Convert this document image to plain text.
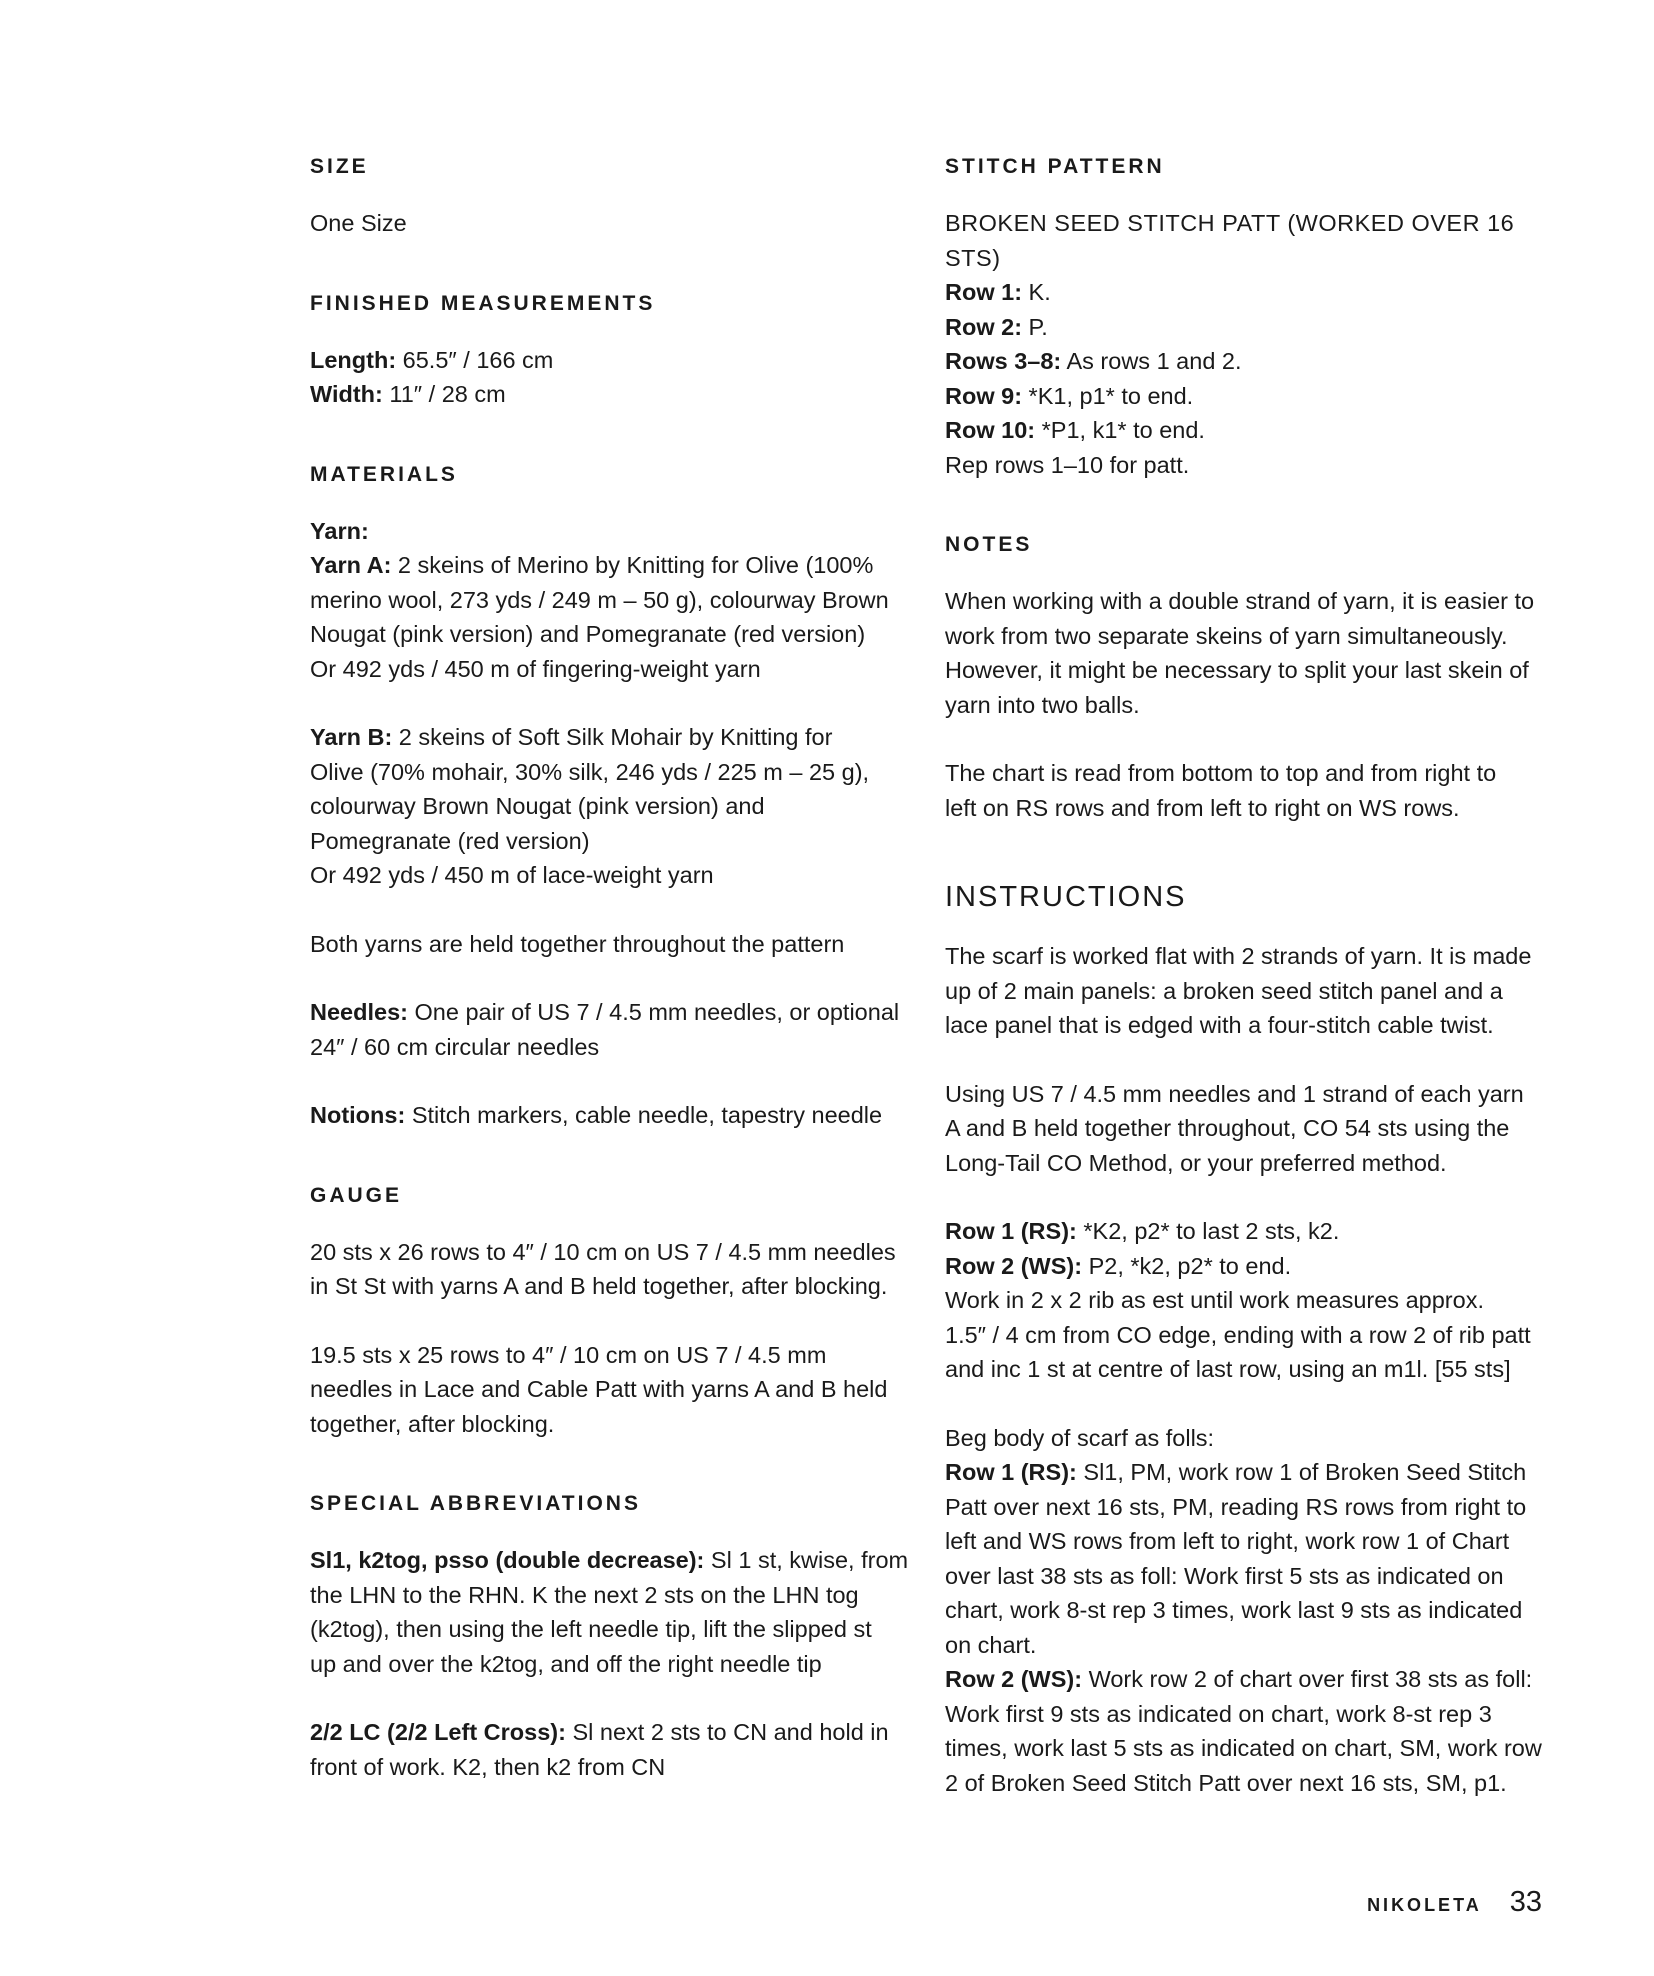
SIZE

One Size

FINISHED MEASUREMENTS

Length: 65.5″ / 166 cm

Width: 11″ / 28 cm

MATERIALS

Yarn:

Yarn A: 2 skeins of Merino by Knitting for Olive (100%
merino wool, 273 yds / 249 m – 50 g), colourway Brown
Nougat (pink version) and Pomegranate (red version)
Or 492 yds / 450 m of fingering-weight yarn

Yarn B: 2 skeins of Soft Silk Mohair by Knitting for
Olive (70% mohair, 30% silk, 246 yds / 225 m – 25 g),
colourway Brown Nougat (pink version) and
Pomegranate (red version)
Or 492 yds / 450 m of lace-weight yarn

Both yarns are held together throughout the pattern

Needles: One pair of US 7 / 4.5 mm needles, or optional
24″ / 60 cm circular needles

Notions: Stitch markers, cable needle, tapestry needle

GAUGE

20 sts x 26 rows to 4″ / 10 cm on US 7 / 4.5 mm needles
in St St with yarns A and B held together, after blocking.

19.5 sts x 25 rows to 4″ / 10 cm on US 7 / 4.5 mm
needles in Lace and Cable Patt with yarns A and B held
together, after blocking.

SPECIAL ABBREVIATIONS

Sl1, k2tog, psso (double decrease): Sl 1 st, kwise, from
the LHN to the RHN. K the next 2 sts on the LHN tog
(k2tog), then using the left needle tip, lift the slipped st
up and over the k2tog, and off the right needle tip

2/2 LC (2/2 Left Cross): Sl next 2 sts to CN and hold in
front of work. K2, then k2 from CN

STITCH PATTERN

BROKEN SEED STITCH PATT (WORKED OVER 16 STS)

Row 1: K.

Row 2: P.

Rows 3–8: As rows 1 and 2.

Row 9: *K1, p1* to end.

Row 10: *P1, k1* to end.

Rep rows 1–10 for patt.

NOTES

When working with a double strand of yarn, it is easier to
work from two separate skeins of yarn simultaneously.
However, it might be necessary to split your last skein of
yarn into two balls.

The chart is read from bottom to top and from right to
left on RS rows and from left to right on WS rows.

INSTRUCTIONS

The scarf is worked flat with 2 strands of yarn. It is made
up of 2 main panels: a broken seed stitch panel and a
lace panel that is edged with a four-stitch cable twist.

Using US 7 / 4.5 mm needles and 1 strand of each yarn
A and B held together throughout, CO 54 sts using the
Long-Tail CO Method, or your preferred method.

Row 1 (RS): *K2, p2* to last 2 sts, k2.

Row 2 (WS): P2, *k2, p2* to end.

Work in 2 x 2 rib as est until work measures approx.
1.5″ / 4 cm from CO edge, ending with a row 2 of rib patt
and inc 1 st at centre of last row, using an m1l. [55 sts]

Beg body of scarf as folls:

Row 1 (RS): Sl1, PM, work row 1 of Broken Seed Stitch
Patt over next 16 sts, PM, reading RS rows from right to
left and WS rows from left to right, work row 1 of Chart
over last 38 sts as foll: Work first 5 sts as indicated on
chart, work 8-st rep 3 times, work last 9 sts as indicated
on chart.

Row 2 (WS): Work row 2 of chart over first 38 sts as foll:
Work first 9 sts as indicated on chart, work 8-st rep 3
times, work last 5 sts as indicated on chart, SM, work row
2 of Broken Seed Stitch Patt over next 16 sts, SM, p1.

NIKOLETA 33
